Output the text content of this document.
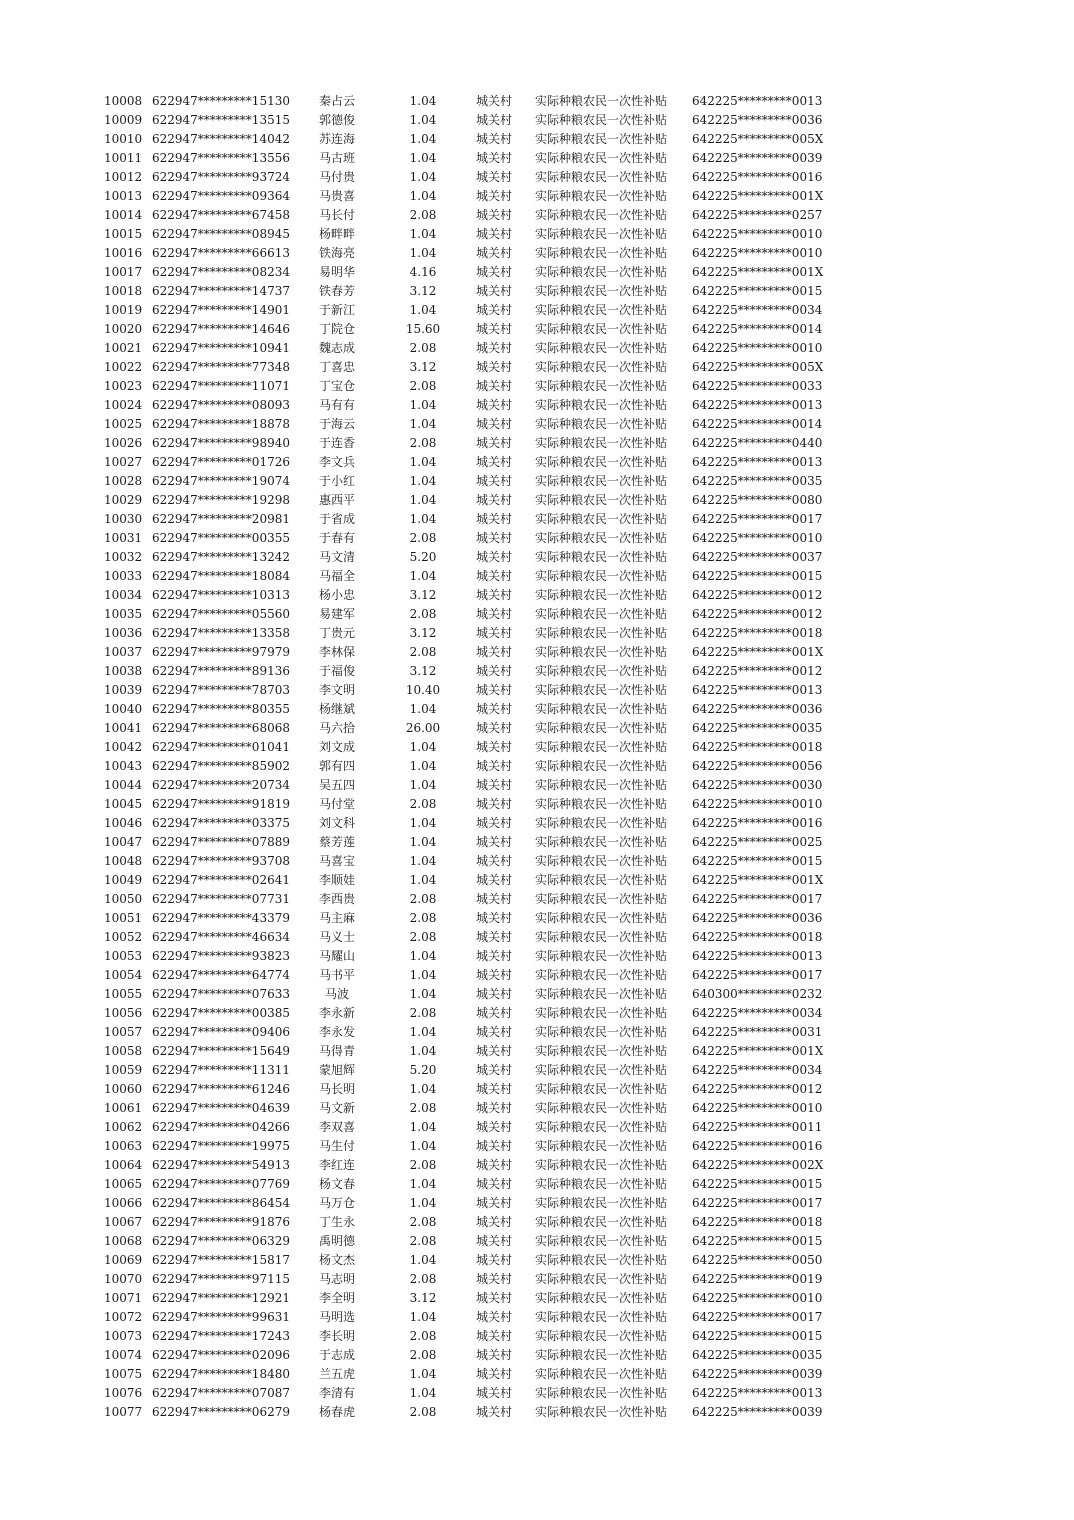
10008 622947*********15130	秦占云	1.04	城关村 实际种粮农民一次性补贴 642225*********0013
10009 622947*********13515	郭德俊	1.04	城关村 实际种粮农民一次性补贴 642225*********0036
10010 622947*********14042	苏连海	1.04	城关村 实际种粮农民一次性补贴 642225*********005X
10011 622947*********13556	马古班	1.04	城关村 实际种粮农民一次性补贴 642225*********0039
10012 622947*********93724	马付贵	1.04	城关村 实际种粮农民一次性补贴 642225*********0016
10013 622947*********09364	马贵喜	1.04	城关村 实际种粮农民一次性补贴 642225*********001X
10014 622947*********67458	马长付	2.08	城关村 实际种粮农民一次性补贴 642225*********0257
10015 622947*********08945	杨畔畔	1.04	城关村 实际种粮农民一次性补贴 642225*********0010
10016 622947*********66613	铁海亮	1.04	城关村 实际种粮农民一次性补贴 642225*********0010
10017 622947*********08234	易明华	4.16	城关村 实际种粮农民一次性补贴 642225*********001X
10018 622947*********14737	铁春芳	3.12	城关村 实际种粮农民一次性补贴 642225*********0015
10019 622947*********14901	于新江	1.04	城关村 实际种粮农民一次性补贴 642225*********0034
10020 622947*********14646	丁院仓	15.60	城关村 实际种粮农民一次性补贴 642225*********0014
10021 622947*********10941	魏志成	2.08	城关村 实际种粮农民一次性补贴 642225*********0010
10022 622947*********77348	丁喜忠	3.12	城关村 实际种粮农民一次性补贴 642225*********005X
10023 622947*********11071	丁宝仓	2.08	城关村 实际种粮农民一次性补贴 642225*********0033
10024 622947*********08093	马有有	1.04	城关村 实际种粮农民一次性补贴 642225*********0013
10025 622947*********18878	于海云	1.04	城关村 实际种粮农民一次性补贴 642225*********0014
10026 622947*********98940	于连香	2.08	城关村 实际种粮农民一次性补贴 642225*********0440
10027 622947*********01726	李文兵	1.04	城关村 实际种粮农民一次性补贴 642225*********0013
10028 622947*********19074	于小红	1.04	城关村 实际种粮农民一次性补贴 642225*********0035
10029 622947*********19298	惠西平	1.04	城关村 实际种粮农民一次性补贴 642225*********0080
10030 622947*********20981	于省成	1.04	城关村 实际种粮农民一次性补贴 642225*********0017
10031 622947*********00355	于春有	2.08	城关村 实际种粮农民一次性补贴 642225*********0010
10032 622947*********13242	马文清	5.20	城关村 实际种粮农民一次性补贴 642225*********0037
10033 622947*********18084	马福全	1.04	城关村 实际种粮农民一次性补贴 642225*********0015
10034 622947*********10313	杨小忠	3.12	城关村 实际种粮农民一次性补贴 642225*********0012
10035 622947*********05560	易建军	2.08	城关村 实际种粮农民一次性补贴 642225*********0012
10036 622947*********13358	丁贵元	3.12	城关村 实际种粮农民一次性补贴 642225*********0018
10037 622947*********97979	李林保	2.08	城关村 实际种粮农民一次性补贴 642225*********001X
10038 622947*********89136	于福俊	3.12	城关村 实际种粮农民一次性补贴 642225*********0012
10039 622947*********78703	李文明	10.40	城关村 实际种粮农民一次性补贴 642225*********0013
10040 622947*********80355	杨继斌	1.04	城关村 实际种粮农民一次性补贴 642225*********0036
10041 622947*********68068	马六拾	26.00	城关村 实际种粮农民一次性补贴 642225*********0035
10042 622947*********01041	刘文成	1.04	城关村 实际种粮农民一次性补贴 642225*********0018
10043 622947*********85902	郭有四	1.04	城关村 实际种粮农民一次性补贴 642225*********0056
10044 622947*********20734	吴五四	1.04	城关村 实际种粮农民一次性补贴 642225*********0030
10045 622947*********91819	马付堂	2.08	城关村 实际种粮农民一次性补贴 642225*********0010
10046 622947*********03375	刘文科	1.04	城关村 实际种粮农民一次性补贴 642225*********0016
10047 622947*********07889	蔡芳莲	1.04	城关村 实际种粮农民一次性补贴 642225*********0025
10048 622947*********93708	马喜宝	1.04	城关村 实际种粮农民一次性补贴 642225*********0015
10049 622947*********02641	李顺娃	1.04	城关村 实际种粮农民一次性补贴 642225*********001X
10050 622947*********07731	李西贵	2.08	城关村 实际种粮农民一次性补贴 642225*********0017
10051 622947*********43379	马主麻	2.08	城关村 实际种粮农民一次性补贴 642225*********0036
10052 622947*********46634	马义士	2.08	城关村 实际种粮农民一次性补贴 642225*********0018
10053 622947*********93823	马耀山	1.04	城关村 实际种粮农民一次性补贴 642225*********0013
10054 622947*********64774	马书平	1.04	城关村 实际种粮农民一次性补贴 642225*********0017
10055 622947*********07633	马波	1.04	城关村 实际种粮农民一次性补贴 640300*********0232
10056 622947*********00385	李永新	2.08	城关村 实际种粮农民一次性补贴 642225*********0034
10057 622947*********09406	李永发	1.04	城关村 实际种粮农民一次性补贴 642225*********0031
10058 622947*********15649	马得青	1.04	城关村 实际种粮农民一次性补贴 642225*********001X
10059 622947*********11311	蒙旭辉	5.20	城关村 实际种粮农民一次性补贴 642225*********0034
10060 622947*********61246	马长明	1.04	城关村 实际种粮农民一次性补贴 642225*********0012
10061 622947*********04639	马文新	2.08	城关村 实际种粮农民一次性补贴 642225*********0010
10062 622947*********04266	李双喜	1.04	城关村 实际种粮农民一次性补贴 642225*********0011
10063 622947*********19975	马生付	1.04	城关村 实际种粮农民一次性补贴 642225*********0016
10064 622947*********54913	李红连	2.08	城关村 实际种粮农民一次性补贴 642225*********002X
10065 622947*********07769	杨文春	1.04	城关村 实际种粮农民一次性补贴 642225*********0015
10066 622947*********86454	马万仓	1.04	城关村 实际种粮农民一次性补贴 642225*********0017
10067 622947*********91876	丁生永	2.08	城关村 实际种粮农民一次性补贴 642225*********0018
10068 622947*********06329	禹明德	2.08	城关村 实际种粮农民一次性补贴 642225*********0015
10069 622947*********15817	杨文杰	1.04	城关村 实际种粮农民一次性补贴 642225*********0050
10070 622947*********97115	马志明	2.08	城关村 实际种粮农民一次性补贴 642225*********0019
10071 622947*********12921	李全明	3.12	城关村 实际种粮农民一次性补贴 642225*********0010
10072 622947*********99631	马明选	1.04	城关村 实际种粮农民一次性补贴 642225*********0017
10073 622947*********17243	李长明	2.08	城关村 实际种粮农民一次性补贴 642225*********0015
10074 622947*********02096	于志成	2.08	城关村 实际种粮农民一次性补贴 642225*********0035
10075 622947*********18480	兰五虎	1.04	城关村 实际种粮农民一次性补贴 642225*********0039
10076 622947*********07087	李清有	1.04	城关村 实际种粮农民一次性补贴 642225*********0013
10077 622947*********06279	杨春虎	2.08	城关村 实际种粮农民一次性补贴 642225*********0039
